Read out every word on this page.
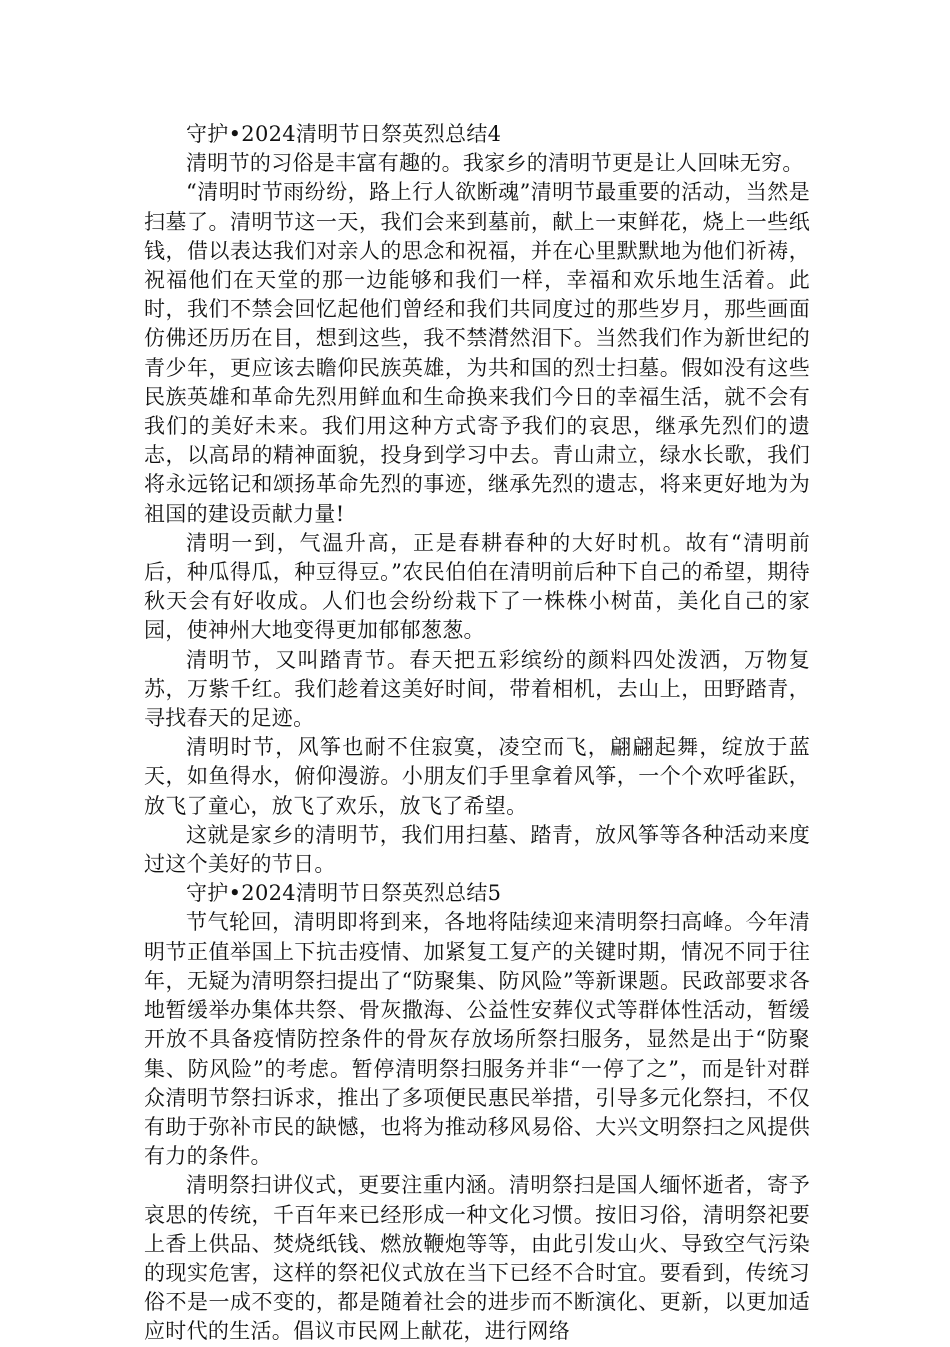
守护•2024清明节日祭英烈总结4

清明节的习俗是丰富有趣的。我家乡的清明节更是让人回味无穷。

“清明时节雨纷纷，路上行人欲断魂”清明节最重要的活动，当然是扫墓了。清明节这一天，我们会来到墓前，献上一束鲜花，烧上一些纸钱，借以表达我们对亲人的思念和祝福，并在心里默默地为他们祈祷，祝福他们在天堂的那一边能够和我们一样，幸福和欢乐地生活着。此时，我们不禁会回忆起他们曾经和我们共同度过的那些岁月，那些画面仿佛还历历在目，想到这些，我不禁潸然泪下。当然我们作为新世纪的青少年，更应该去瞻仰民族英雄，为共和国的烈士扫墓。假如没有这些民族英雄和革命先烈用鲜血和生命换来我们今日的幸福生活，就不会有我们的美好未来。我们用这种方式寄予我们的哀思，继承先烈们的遗志，以高昂的精神面貌，投身到学习中去。青山肃立，绿水长歌，我们将永远铭记和颂扬革命先烈的事迹，继承先烈的遗志，将来更好地为为祖国的建设贡献力量!

清明一到，气温升高，正是春耕春种的大好时机。故有“清明前后，种瓜得瓜，种豆得豆。”农民伯伯在清明前后种下自己的希望，期待秋天会有好收成。人们也会纷纷栽下了一株株小树苗，美化自己的家园，使神州大地变得更加郁郁葱葱。

清明节，又叫踏青节。春天把五彩缤纷的颜料四处泼洒，万物复苏，万紫千红。我们趁着这美好时间，带着相机，去山上，田野踏青，寻找春天的足迹。

清明时节，风筝也耐不住寂寞，凌空而飞，翩翩起舞，绽放于蓝天，如鱼得水，俯仰漫游。小朋友们手里拿着风筝，一个个欢呼雀跃，放飞了童心，放飞了欢乐，放飞了希望。

这就是家乡的清明节，我们用扫墓、踏青，放风筝等各种活动来度过这个美好的节日。

守护•2024清明节日祭英烈总结5

节气轮回，清明即将到来，各地将陆续迎来清明祭扫高峰。今年清明节正值举国上下抗击疫情、加紧复工复产的关键时期，情况不同于往年，无疑为清明祭扫提出了“防聚集、防风险”等新课题。民政部要求各地暂缓举办集体共祭、骨灰撒海、公益性安葬仪式等群体性活动，暂缓开放不具备疫情防控条件的骨灰存放场所祭扫服务，显然是出于“防聚集、防风险”的考虑。暂停清明祭扫服务并非“一停了之”，而是针对群众清明节祭扫诉求，推出了多项便民惠民举措，引导多元化祭扫，不仅有助于弥补市民的缺憾，也将为推动移风易俗、大兴文明祭扫之风提供有力的条件。

清明祭扫讲仪式，更要注重内涵。清明祭扫是国人缅怀逝者，寄予哀思的传统，千百年来已经形成一种文化习惯。按旧习俗，清明祭祀要上香上供品、焚烧纸钱、燃放鞭炮等等，由此引发山火、导致空气污染的现实危害，这样的祭祀仪式放在当下已经不合时宜。要看到，传统习俗不是一成不变的，都是随着社会的进步而不断演化、更新，以更加适应时代的生活。倡议市民网上献花，进行网络
